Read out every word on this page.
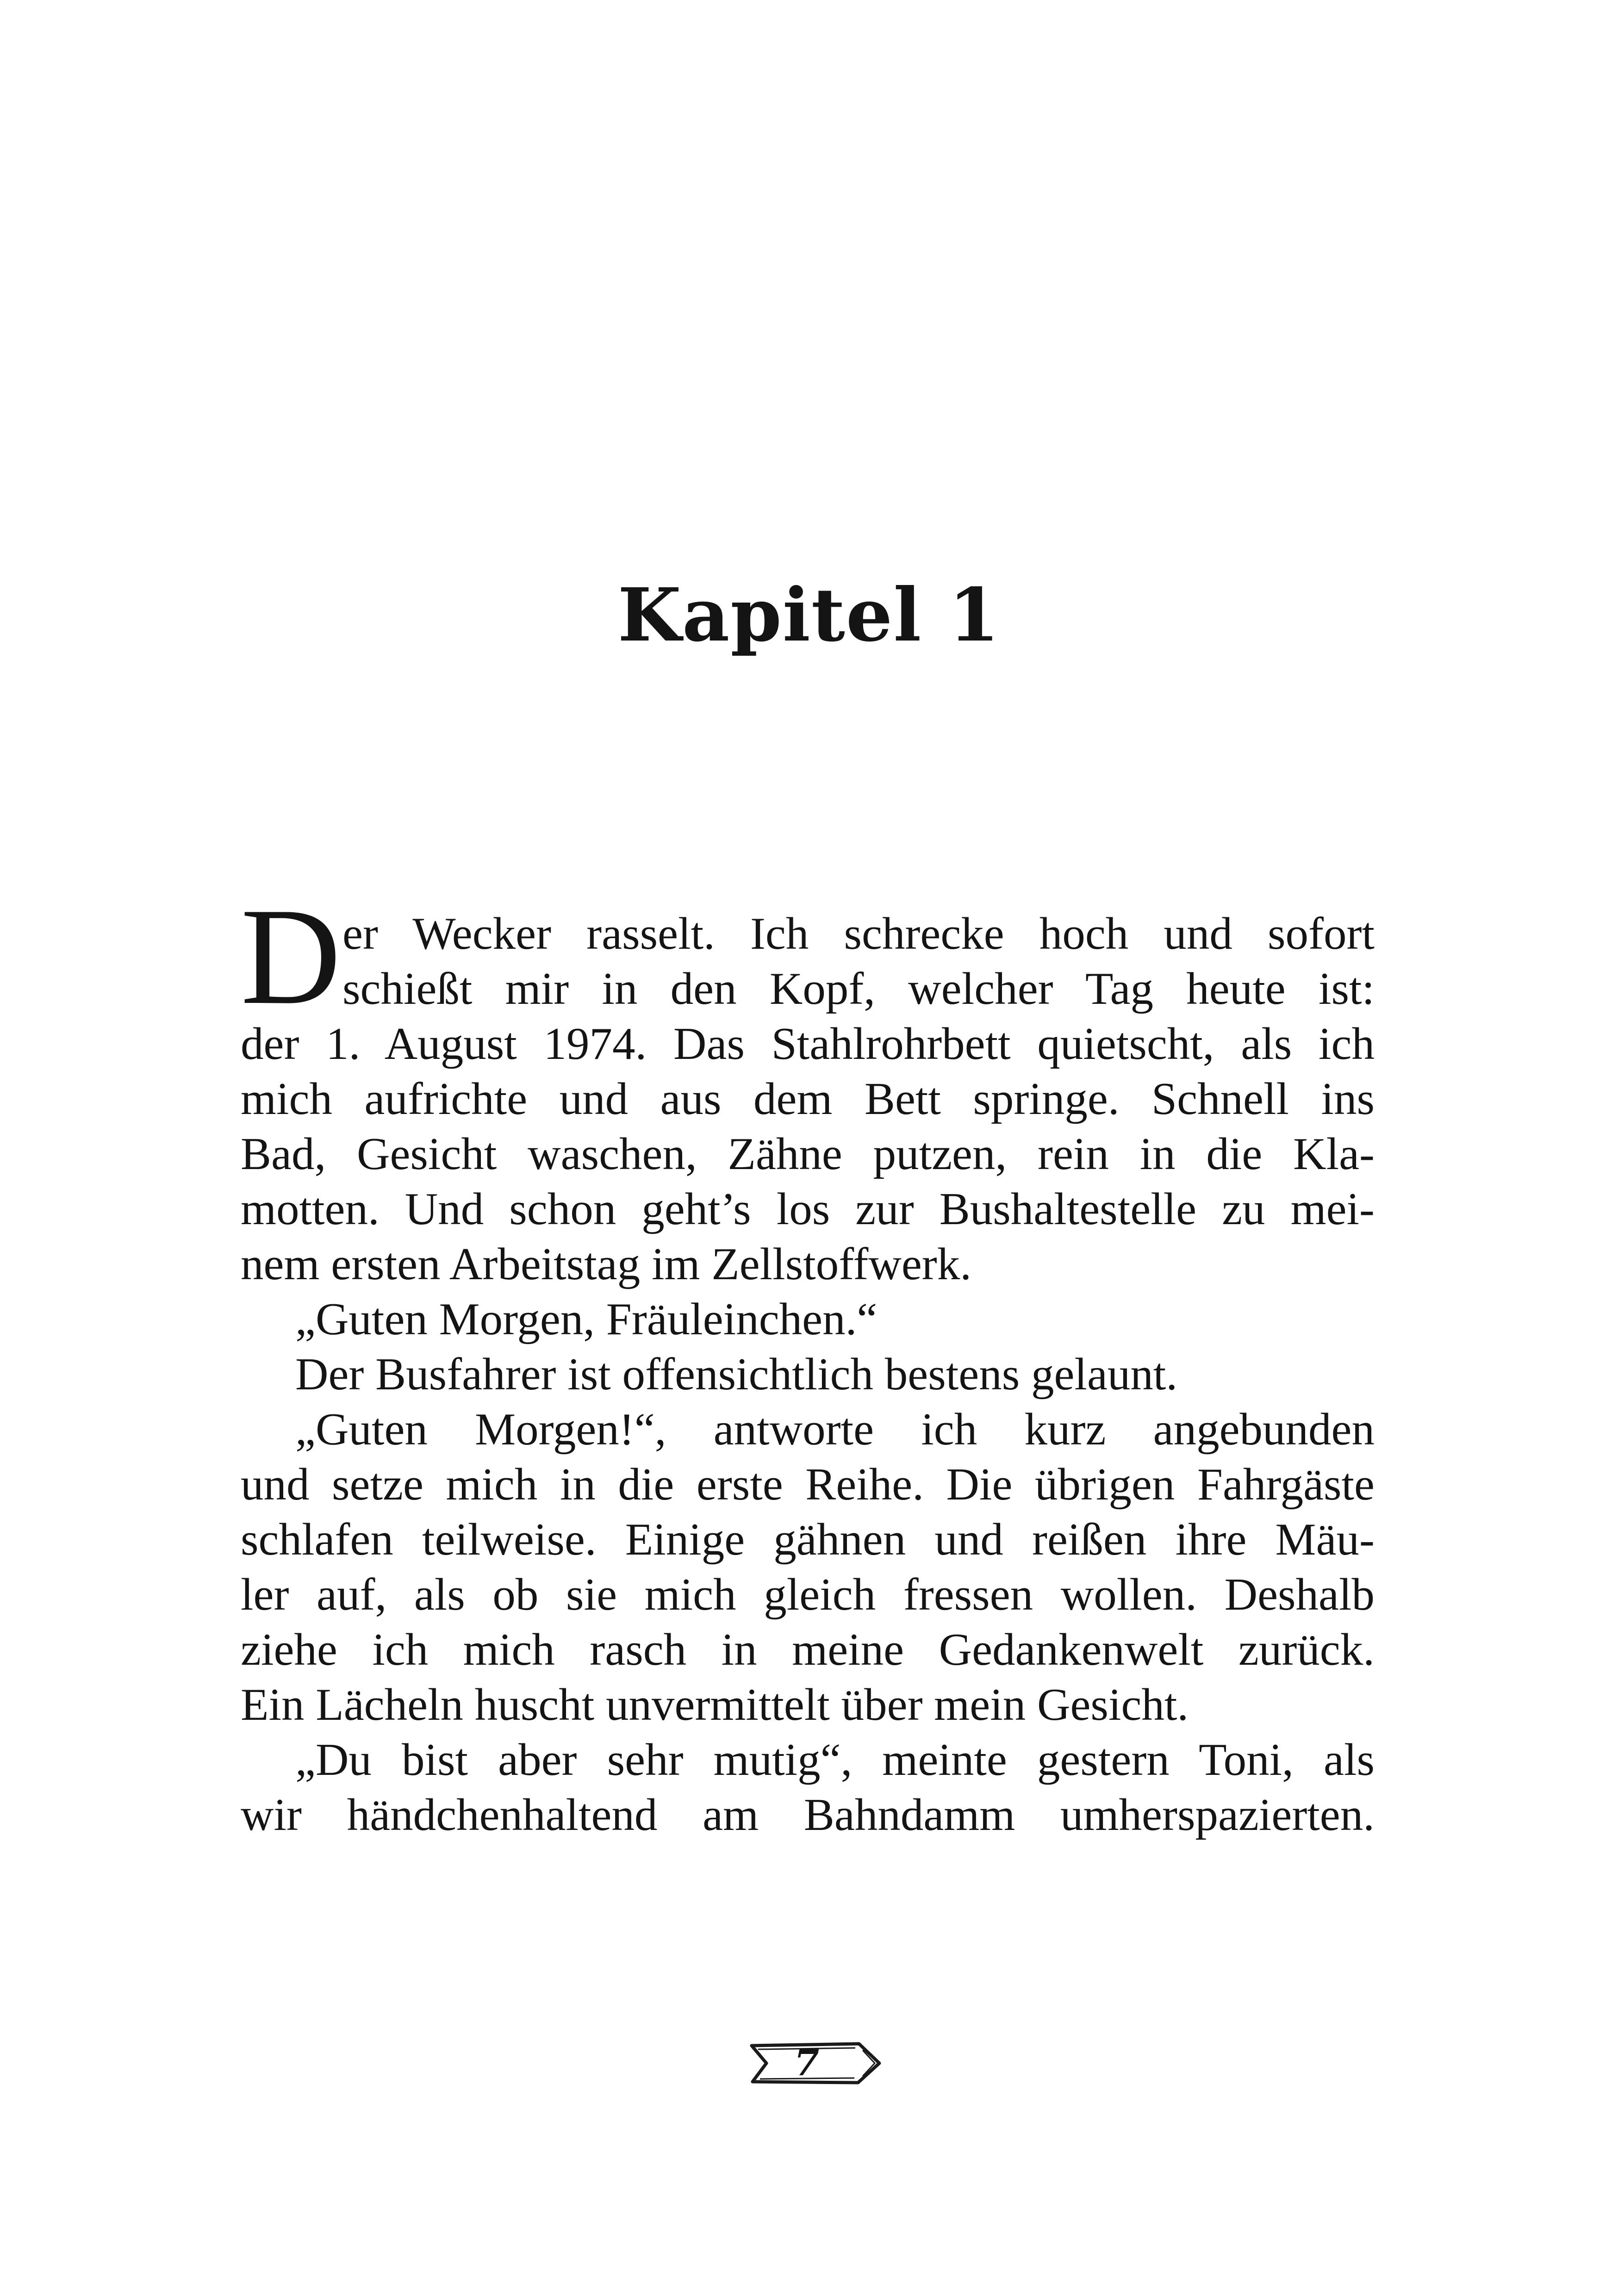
Kapitel 1
D er Wecker rasselt. Ich schrecke hoch und sofort
schießt mir in den Kopf, welcher Tag heute ist:
der 1. August 1974. Das Stahlrohrbett quietscht, als ich
mich aufrichte und aus dem Bett springe. Schnell ins
Bad, Gesicht waschen, Zähne putzen, rein in die Kla-
motten. Und schon geht’s los zur Bushaltestelle zu mei-
nem ersten Arbeitstag im Zellstoffwerk.
„Guten Morgen, Fräuleinchen.“
Der Busfahrer ist offensichtlich bestens gelaunt.
„Guten Morgen!“, antworte ich kurz angebunden
und setze mich in die erste Reihe. Die übrigen Fahrgäste
schlafen teilweise. Einige gähnen und reißen ihre Mäu-
ler auf, als ob sie mich gleich fressen wollen. Deshalb
ziehe ich mich rasch in meine Gedankenwelt zurück.
Ein Lächeln huscht unvermittelt über mein Gesicht.
„Du bist aber sehr mutig“, meinte gestern Toni, als
wir händchenhaltend am Bahndamm umherspazierten.
7
